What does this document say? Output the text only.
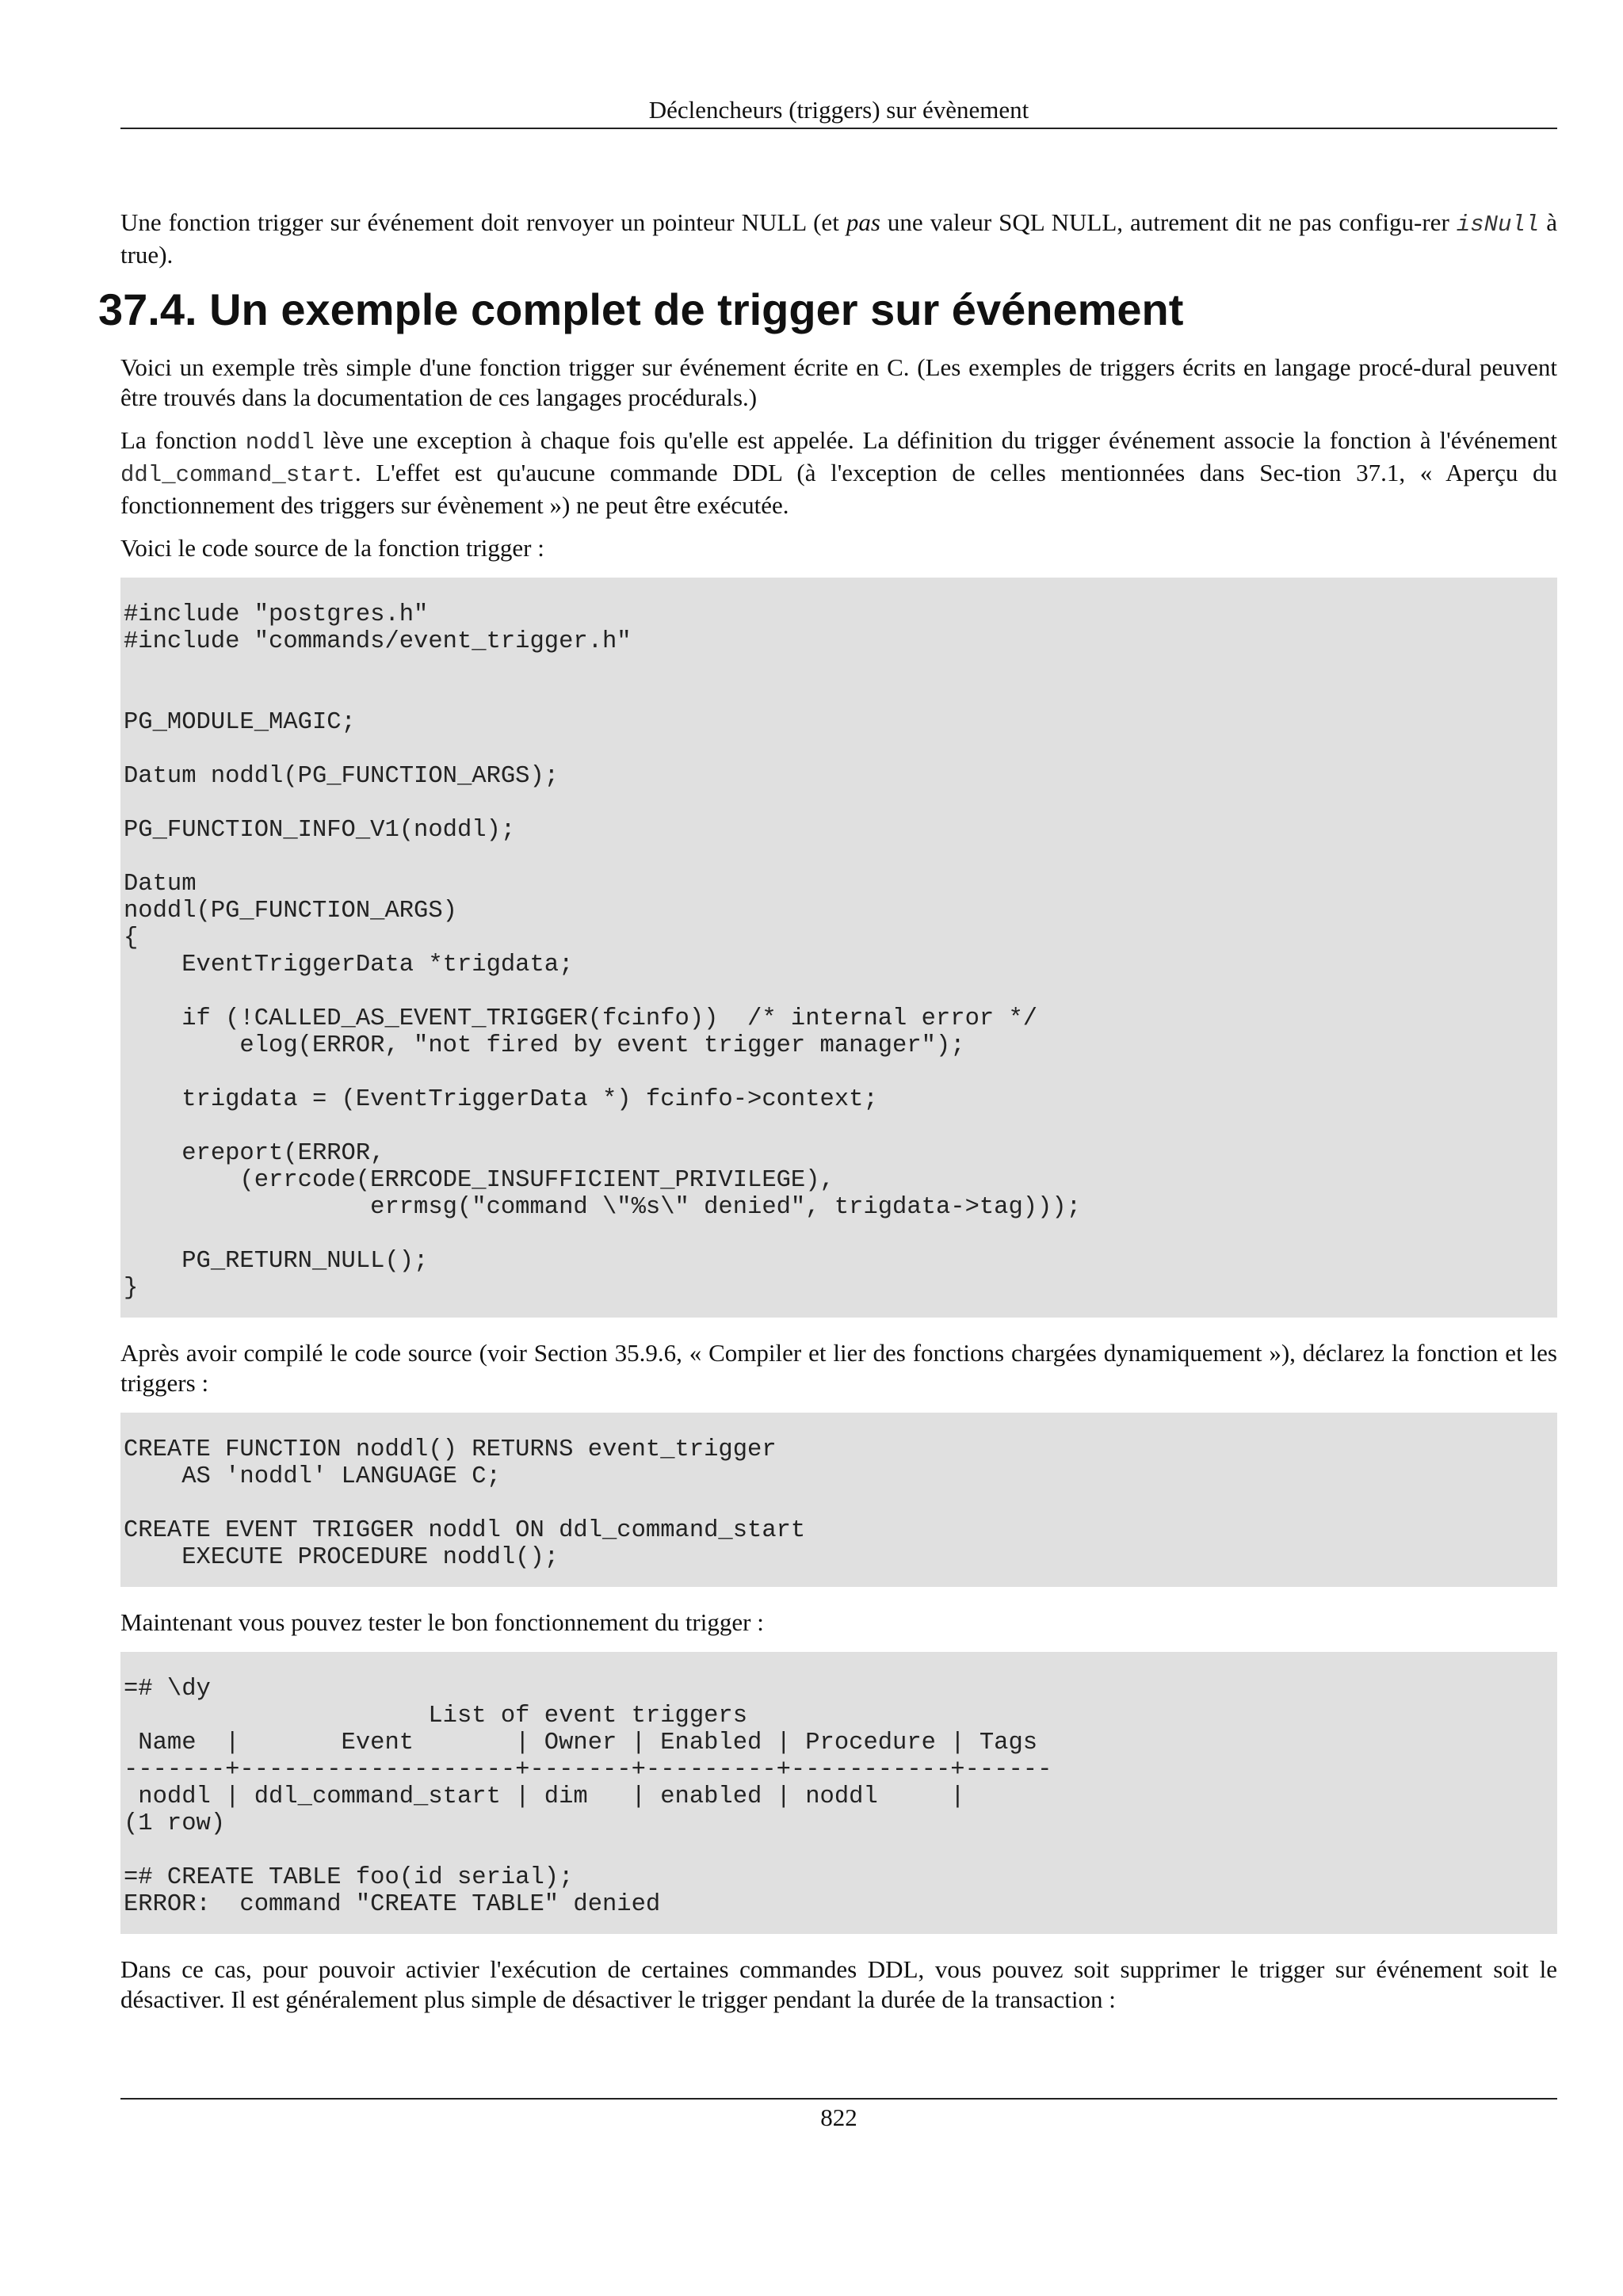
Déclencheurs (triggers) sur évènement

Une fonction trigger sur événement doit renvoyer un pointeur NULL (et pas une valeur SQL NULL, autrement dit ne pas configu-rer isNull à true).

37.4. Un exemple complet de trigger sur événement

Voici un exemple très simple d'une fonction trigger sur événement écrite en C. (Les exemples de triggers écrits en langage procé-dural peuvent être trouvés dans la documentation de ces langages procédurals.)

La fonction noddl lève une exception à chaque fois qu'elle est appelée. La définition du trigger événement associe la fonction à l'événement ddl_command_start. L'effet est qu'aucune commande DDL (à l'exception de celles mentionnées dans Sec-tion 37.1, « Aperçu du fonctionnement des triggers sur évènement ») ne peut être exécutée.

Voici le code source de la fonction trigger :

#include "postgres.h"
#include "commands/event_trigger.h"

PG_MODULE_MAGIC;

Datum noddl(PG_FUNCTION_ARGS);

PG_FUNCTION_INFO_V1(noddl);

Datum
noddl(PG_FUNCTION_ARGS)
{
EventTriggerData *trigdata;

if (!CALLED_AS_EVENT_TRIGGER(fcinfo))  /* internal error */
elog(ERROR, "not fired by event trigger manager");

trigdata = (EventTriggerData *) fcinfo->context;

ereport(ERROR,
(errcode(ERRCODE_INSUFFICIENT_PRIVILEGE),
errmsg("command \"%s\" denied", trigdata->tag)));

PG_RETURN_NULL();
}

Après avoir compilé le code source (voir Section 35.9.6, « Compiler et lier des fonctions chargées dynamiquement »), déclarez la fonction et les triggers :

CREATE FUNCTION noddl() RETURNS event_trigger
AS 'noddl' LANGUAGE C;

CREATE EVENT TRIGGER noddl ON ddl_command_start
EXECUTE PROCEDURE noddl();

Maintenant vous pouvez tester le bon fonctionnement du trigger :

=# \dy
List of event triggers
Name  |       Event       | Owner | Enabled | Procedure | Tags
-------+-------------------+-------+---------+-----------+------
noddl | ddl_command_start | dim   | enabled | noddl     |
(1 row)

=# CREATE TABLE foo(id serial);
ERROR:  command "CREATE TABLE" denied

Dans ce cas, pour pouvoir activier l'exécution de certaines commandes DDL, vous pouvez soit supprimer le trigger sur événement soit le désactiver. Il est généralement plus simple de désactiver le trigger pendant la durée de la transaction :

822
